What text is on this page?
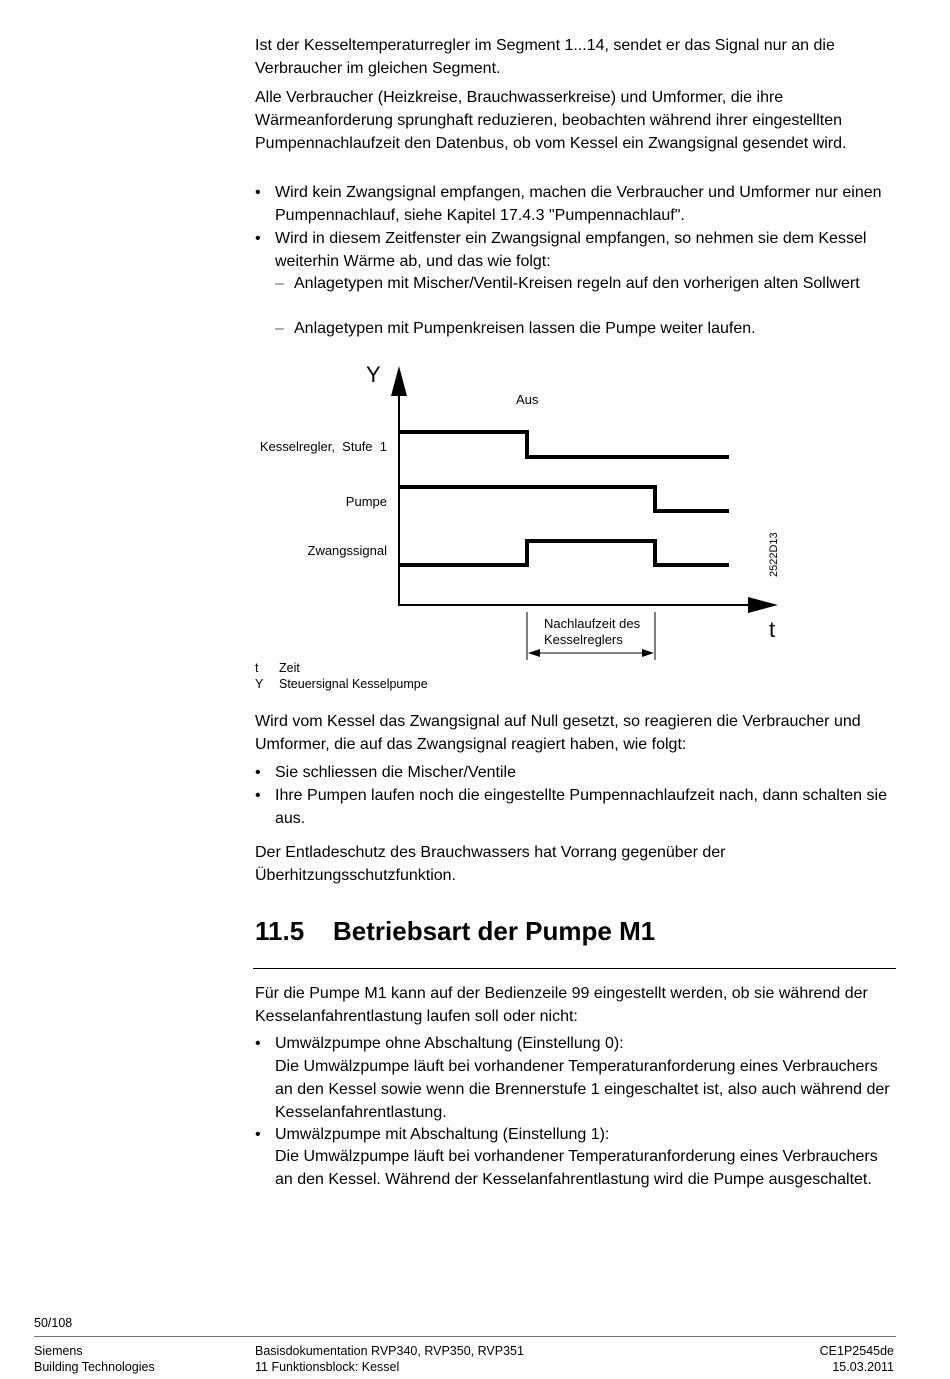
Ist der Kesseltemperaturregler im Segment 1...14, sendet er das Signal nur an die Verbraucher im gleichen Segment.
Alle Verbraucher (Heizkreise, Brauchwasserkreise) und Umformer, die ihre Wärmeanforderung sprunghaft reduzieren, beobachten während ihrer eingestellten Pumpennachlaufzeit den Datenbus, ob vom Kessel ein Zwangsignal gesendet wird.
• Wird kein Zwangsignal empfangen, machen die Verbraucher und Umformer nur einen Pumpennachlauf, siehe Kapitel 17.4.3 "Pumpennachlauf".
• Wird in diesem Zeitfenster ein Zwangsignal empfangen, so nehmen sie dem Kessel weiterhin Wärme ab, und das wie folgt:
– Anlagetypen mit Mischer/Ventil-Kreisen regeln auf den vorherigen alten Sollwert
– Anlagetypen mit Pumpenkreisen lassen die Pumpe weiter laufen.
Y
t
Kesselregler,  Stufe  1
Pumpe
Zwangssignal
Aus
Nachlaufzeit des
Kesselreglers
2522D13
t Zeit
Y Steuersignal Kesselpumpe
Wird vom Kessel das Zwangsignal auf Null gesetzt, so reagieren die Verbraucher und Umformer, die auf das Zwangsignal reagiert haben, wie folgt:
• Sie schliessen die Mischer/Ventile
• Ihre Pumpen laufen noch die eingestellte Pumpennachlaufzeit nach, dann schalten sie aus.
Der Entladeschutz des Brauchwassers hat Vorrang gegenüber der Überhitzungsschutzfunktion.
11.5 Betriebsart der Pumpe M1
Für die Pumpe M1 kann auf der Bedienzeile 99 eingestellt werden, ob sie während der Kesselanfahrentlastung laufen soll oder nicht:
• Umwälzpumpe ohne Abschaltung (Einstellung 0):
Die Umwälzpumpe läuft bei vorhandener Temperaturanforderung eines Verbrauchers an den Kessel sowie wenn die Brennerstufe 1 eingeschaltet ist, also auch während der Kesselanfahrentlastung.
• Umwälzpumpe mit Abschaltung (Einstellung 1):
Die Umwälzpumpe läuft bei vorhandener Temperaturanforderung eines Verbrauchers an den Kessel. Während der Kesselanfahrentlastung wird die Pumpe ausgeschaltet.
50/108
Siemens
Building Technologies
Basisdokumentation RVP340, RVP350, RVP351
11 Funktionsblock: Kessel
CE1P2545de
15.03.2011
